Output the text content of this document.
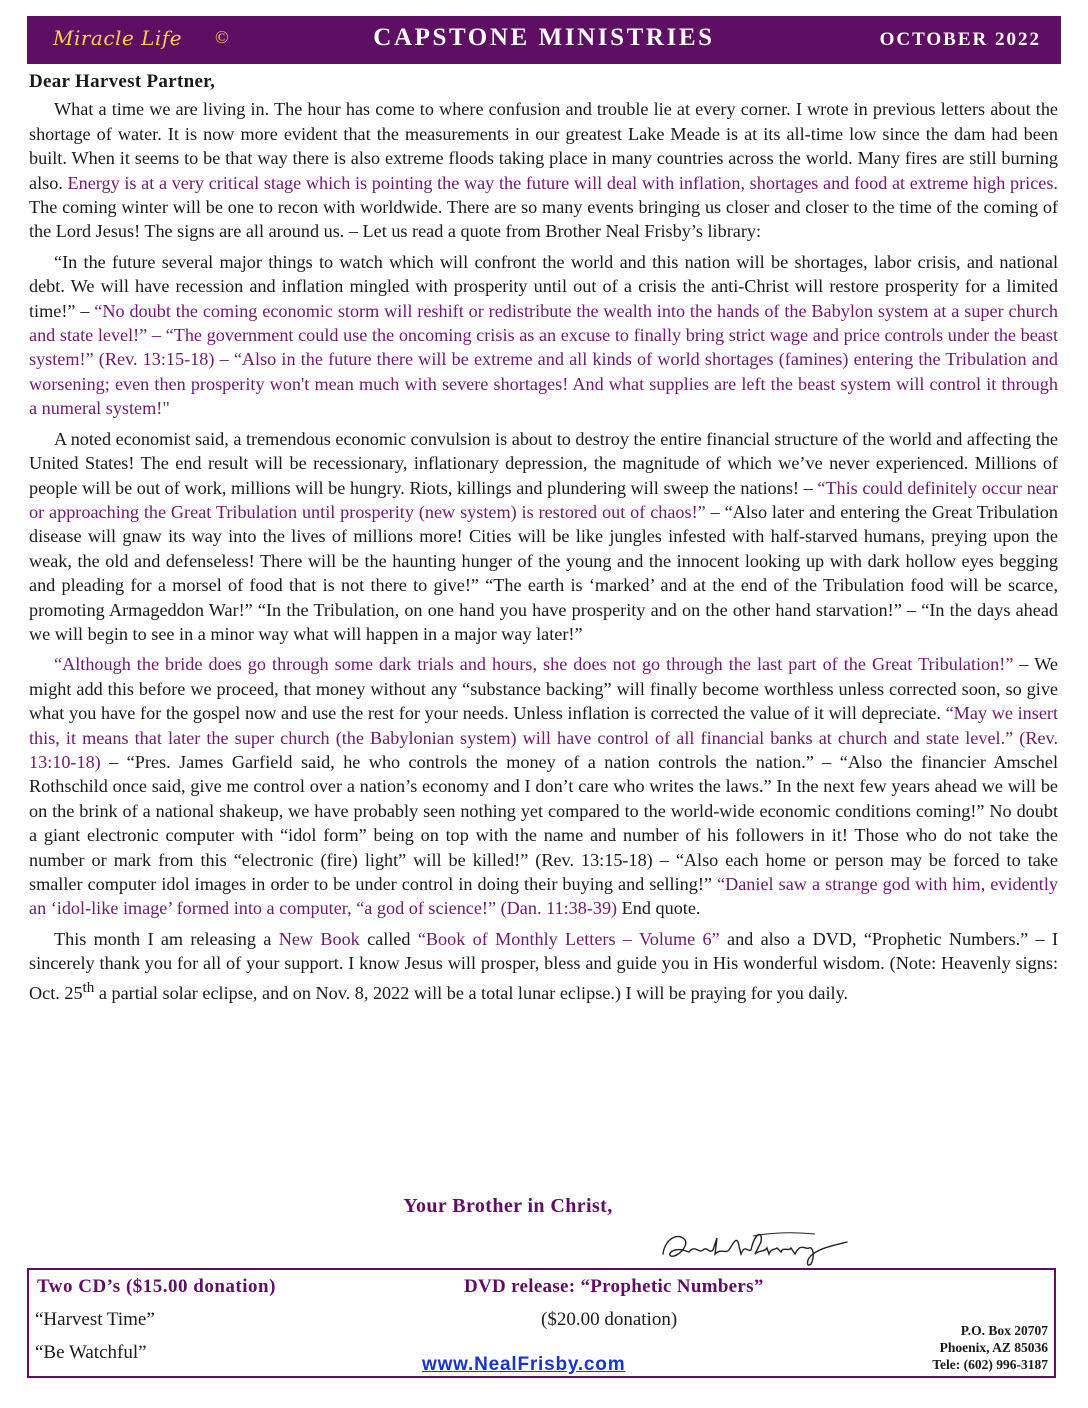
Miracle Life ©	CAPSTONE MINISTRIES	OCTOBER 2022
Dear Harvest Partner,

What a time we are living in. The hour has come to where confusion and trouble lie at every corner. I wrote in previous letters about the shortage of water. It is now more evident that the measurements in our greatest Lake Meade is at its all-time low since the dam had been built. When it seems to be that way there is also extreme floods taking place in many countries across the world. Many fires are still burning also. Energy is at a very critical stage which is pointing the way the future will deal with inflation, shortages and food at extreme high prices. The coming winter will be one to recon with worldwide. There are so many events bringing us closer and closer to the time of the coming of the Lord Jesus! The signs are all around us. – Let us read a quote from Brother Neal Frisby’s library:

“In the future several major things to watch which will confront the world and this nation will be shortages, labor crisis, and national debt. We will have recession and inflation mingled with prosperity until out of a crisis the anti-Christ will restore prosperity for a limited time!” – “No doubt the coming economic storm will reshift or redistribute the wealth into the hands of the Babylon system at a super church and state level!” – “The government could use the oncoming crisis as an excuse to finally bring strict wage and price controls under the beast system!” (Rev. 13:15-18) – “Also in the future there will be extreme and all kinds of world shortages (famines) entering the Tribulation and worsening; even then prosperity won't mean much with severe shortages! And what supplies are left the beast system will control it through a numeral system!"

A noted economist said, a tremendous economic convulsion is about to destroy the entire financial structure of the world and affecting the United States! The end result will be recessionary, inflationary depression, the magnitude of which we’ve never experienced. Millions of people will be out of work, millions will be hungry. Riots, killings and plundering will sweep the nations! – “This could definitely occur near or approaching the Great Tribulation until prosperity (new system) is restored out of chaos!” – “Also later and entering the Great Tribulation disease will gnaw its way into the lives of millions more! Cities will be like jungles infested with half-starved humans, preying upon the weak, the old and defenseless! There will be the haunting hunger of the young and the innocent looking up with dark hollow eyes begging and pleading for a morsel of food that is not there to give!” “The earth is ‘marked’ and at the end of the Tribulation food will be scarce, promoting Armageddon War!” “In the Tribulation, on one hand you have prosperity and on the other hand starvation!” – “In the days ahead we will begin to see in a minor way what will happen in a major way later!”

“Although the bride does go through some dark trials and hours, she does not go through the last part of the Great Tribulation!” – We might add this before we proceed, that money without any “substance backing” will finally become worthless unless corrected soon, so give what you have for the gospel now and use the rest for your needs. Unless inflation is corrected the value of it will depreciate. “May we insert this, it means that later the super church (the Babylonian system) will have control of all financial banks at church and state level.” (Rev. 13:10-18) – “Pres. James Garfield said, he who controls the money of a nation controls the nation.” – “Also the financier Amschel Rothschild once said, give me control over a nation’s economy and I don’t care who writes the laws.” In the next few years ahead we will be on the brink of a national shakeup, we have probably seen nothing yet compared to the world-wide economic conditions coming!” No doubt a giant electronic computer with “idol form” being on top with the name and number of his followers in it! Those who do not take the number or mark from this “electronic (fire) light” will be killed!” (Rev. 13:15-18) – “Also each home or person may be forced to take smaller computer idol images in order to be under control in doing their buying and selling!” “Daniel saw a strange god with him, evidently an ‘idol-like image’ formed into a computer, “a god of science!” (Dan. 11:38-39) End quote.

This month I am releasing a New Book called “Book of Monthly Letters – Volume 6” and also a DVD, “Prophetic Numbers.” – I sincerely thank you for all of your support. I know Jesus will prosper, bless and guide you in His wonderful wisdom. (Note: Heavenly signs: Oct. 25th a partial solar eclipse, and on Nov. 8, 2022 will be a total lunar eclipse.) I will be praying for you daily.

Your Brother in Christ,
Two CD’s ($15.00 donation)
“Harvest Time”
“Be Watchful”
DVD release: “Prophetic Numbers”
($20.00 donation)
www.NealFrisby.com
P.O. Box 20707
Phoenix, AZ 85036
Tele: (602) 996-3187
